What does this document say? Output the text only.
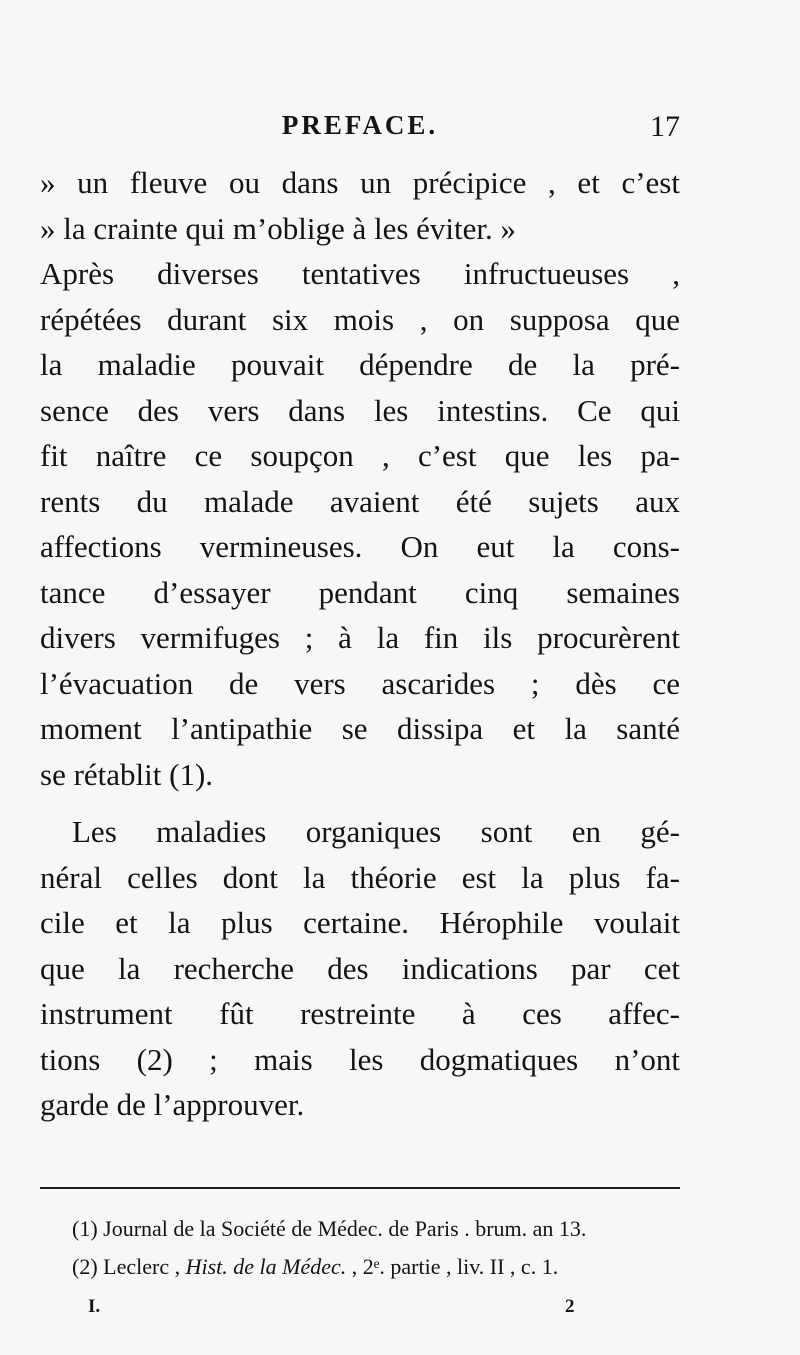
PREFACE.	17
» un fleuve ou dans un précipice , et c’est
» la crainte qui m’oblige à les éviter. »
Après diverses tentatives infructueuses ,
répétées durant six mois , on supposa que
la maladie pouvait dépendre de la pré-
sence des vers dans les intestins. Ce qui
fit naître ce soupçon , c’est que les pa-
rents du malade avaient été sujets aux
affections vermineuses. On eut la cons-
tance d’essayer pendant cinq semaines
divers vermifuges ; à la fin ils procurèrent
l’évacuation de vers ascarides ; dès ce
moment l’antipathie se dissipa et la santé
se rétablit (1).
Les maladies organiques sont en gé-
néral celles dont la théorie est la plus fa-
cile et la plus certaine. Hérophile voulait
que la recherche des indications par cet
instrument fût restreinte à ces affec-
tions (2) ; mais les dogmatiques n’ont
garde de l’approuver.
(1) Journal de la Société de Médec. de Paris . brum. an 13.
(2) Leclerc , Hist. de la Médec. , 2ᵉ. partie , liv. II , c. 1.
I.	2
